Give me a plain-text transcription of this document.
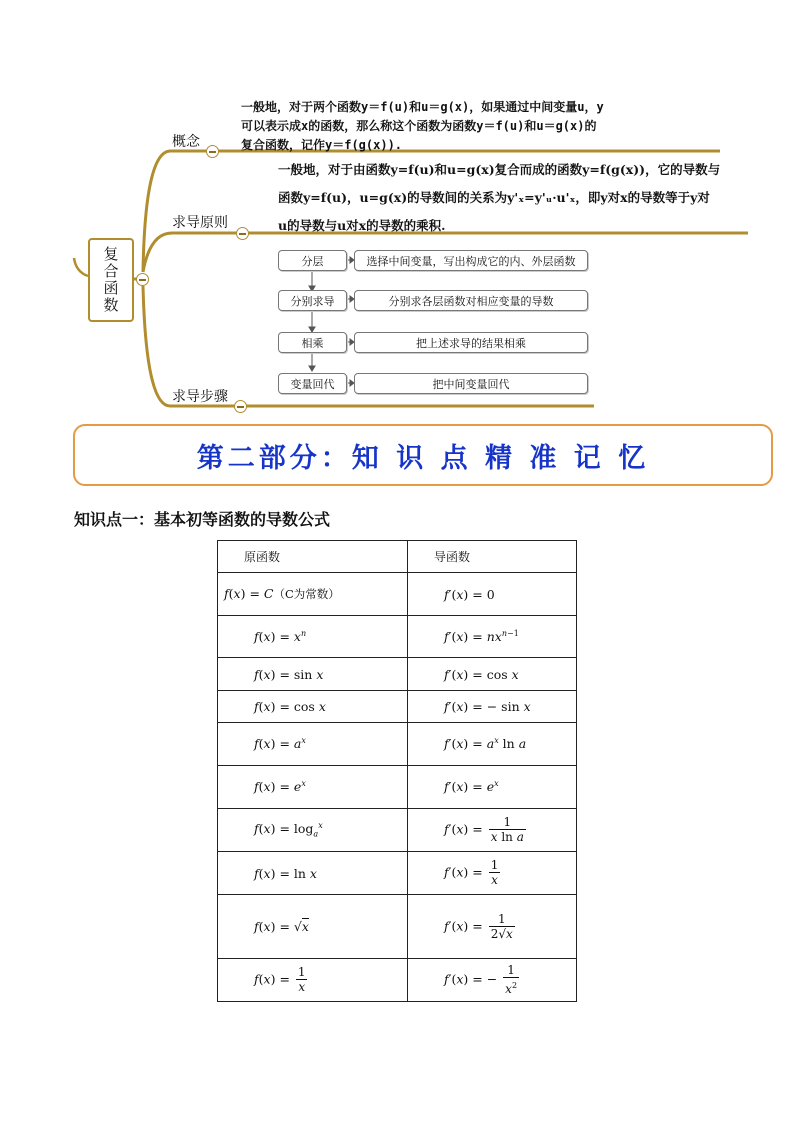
复合函数
概念
一般地，对于两个函数y＝f(u)和u＝g(x)，如果通过中间变量u，y
可以表示成x的函数，那么称这个函数为函数y＝f(u)和u＝g(x)的
复合函数，记作y＝f(g(x)).
求导原则
一般地，对于由函数y=f(u)和u=g(x)复合而成的函数y=f(g(x))，它的导数与
函数y=f(u)，u=g(x)的导数间的关系为y'ₓ=y'ᵤ·u'ₓ，即y对x的导数等于y对
u的导数与u对x的导数的乘积.
求导步骤
分层	选择中间变量，写出构成它的内、外层函数
分别求导	分别求各层函数对相应变量的导数
相乘	把上述求导的结果相乘
变量回代	把中间变量回代
第二部分：知 识 点 精 准 记 忆
知识点一：基本初等函数的导数公式
原函数	导函数
f(x) = C（C为常数）	f′(x) = 0
$f(x) = x^n$	$f'(x) = nx^{n-1}$
f(x) = sin x	f′(x) = cos x
f(x) = cos x	f′(x) = − sin x
$f(x) = a^x$	$f'(x) = a^x$ ln a
$f(x) = e^x$	$f'(x) = e^x$
$f(x) = \log_a^x$	$f'(x) = \frac{1}{\text{x ln a}}$

f(x) = ln x	$f'(x) = \frac{1}{x}$

f(x) = √x	$f'(x) = \frac{1}{2√x}$

$f(x) = \frac{1}{x}$	f′(x) = − $\frac{1}{x^2}$
